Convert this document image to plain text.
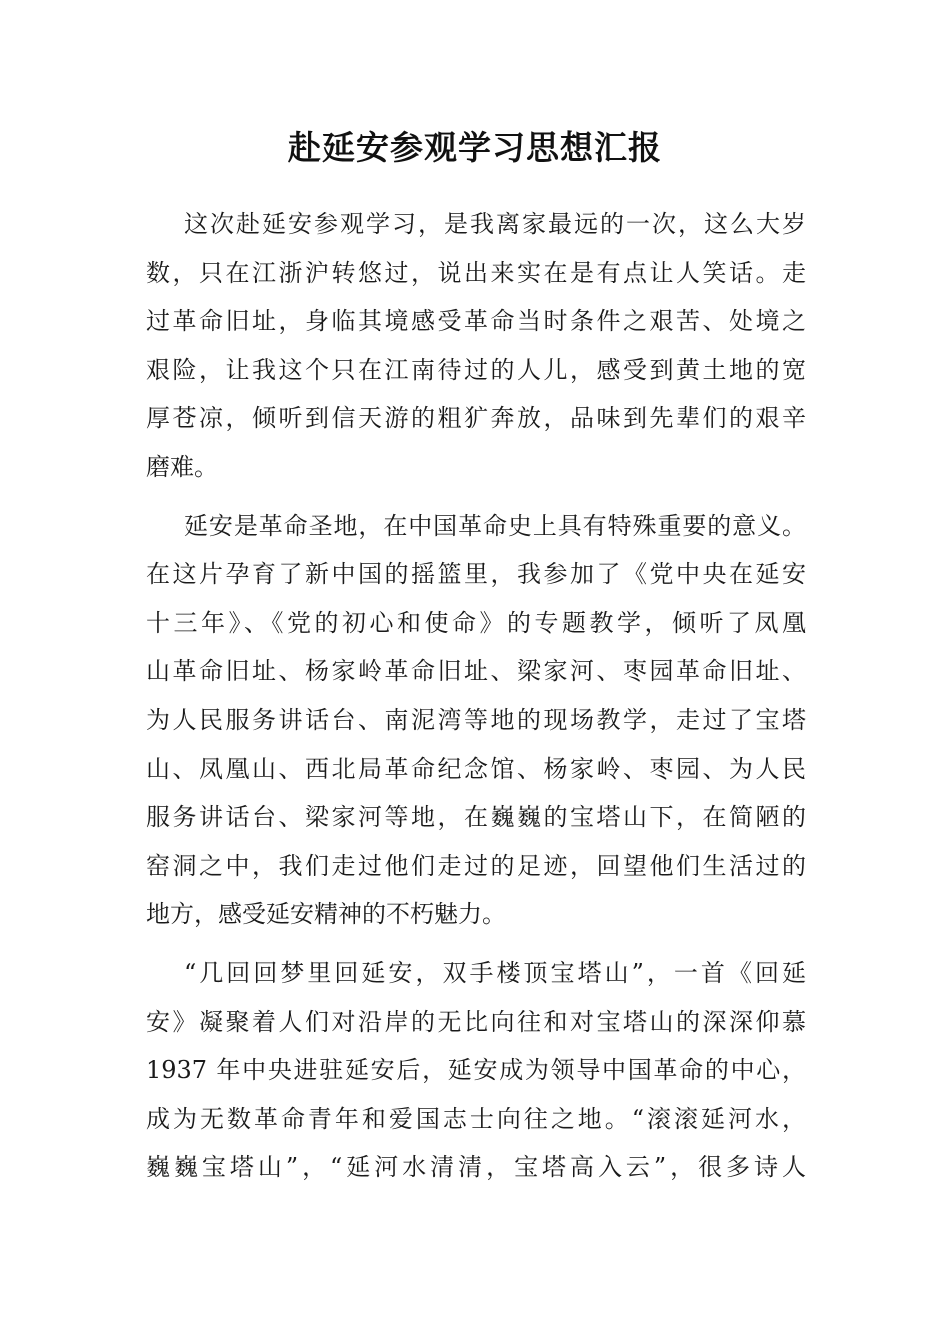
赴延安参观学习思想汇报
这次赴延安参观学习，是我离家最远的一次，这么大岁
数，只在江浙沪转悠过，说出来实在是有点让人笑话。走
过革命旧址，身临其境感受革命当时条件之艰苦、处境之
艰险，让我这个只在江南待过的人儿，感受到黄土地的宽
厚苍凉，倾听到信天游的粗犷奔放，品味到先辈们的艰辛
磨难。
延安是革命圣地，在中国革命史上具有特殊重要的意义。
在这片孕育了新中国的摇篮里，我参加了《党中央在延安
十三年》、《党的初心和使命》的专题教学，倾听了凤凰
山革命旧址、杨家岭革命旧址、梁家河、枣园革命旧址、
为人民服务讲话台、南泥湾等地的现场教学，走过了宝塔
山、凤凰山、西北局革命纪念馆、杨家岭、枣园、为人民
服务讲话台、梁家河等地，在巍巍的宝塔山下，在简陋的
窑洞之中，我们走过他们走过的足迹，回望他们生活过的
地方，感受延安精神的不朽魅力。
“几回回梦里回延安，双手楼顶宝塔山”，一首《回延
安》凝聚着人们对沿岸的无比向往和对宝塔山的深深仰慕
1937 年中央进驻延安后，延安成为领导中国革命的中心，
成为无数革命青年和爱国志士向往之地。“滚滚延河水，
巍巍宝塔山”，“延河水清清，宝塔高入云”，很多诗人
